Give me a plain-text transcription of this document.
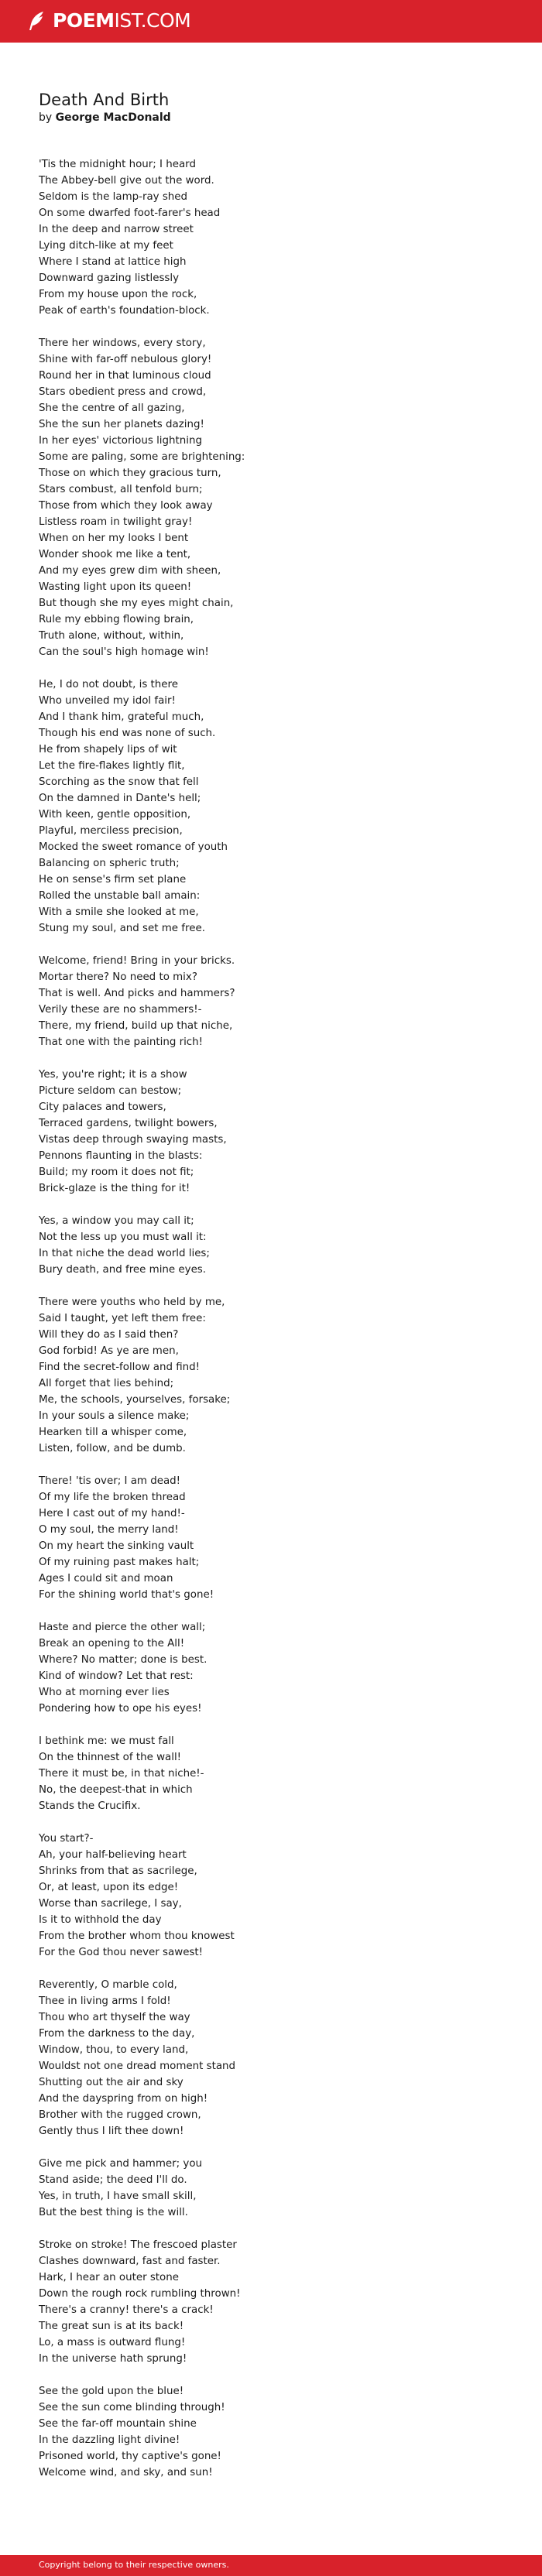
POEMIST.COM
Death And Birth
by George MacDonald
'Tis the midnight hour; I heard
The Abbey-bell give out the word.
Seldom is the lamp-ray shed
On some dwarfed foot-farer's head
In the deep and narrow street
Lying ditch-like at my feet
Where I stand at lattice high
Downward gazing listlessly
From my house upon the rock,
Peak of earth's foundation-block.
There her windows, every story,
Shine with far-off nebulous glory!
Round her in that luminous cloud
Stars obedient press and crowd,
She the centre of all gazing,
She the sun her planets dazing!
In her eyes' victorious lightning
Some are paling, some are brightening:
Those on which they gracious turn,
Stars combust, all tenfold burn;
Those from which they look away
Listless roam in twilight gray!
When on her my looks I bent
Wonder shook me like a tent,
And my eyes grew dim with sheen,
Wasting light upon its queen!
But though she my eyes might chain,
Rule my ebbing flowing brain,
Truth alone, without, within,
Can the soul's high homage win!
He, I do not doubt, is there
Who unveiled my idol fair!
And I thank him, grateful much,
Though his end was none of such.
He from shapely lips of wit
Let the fire-flakes lightly flit,
Scorching as the snow that fell
On the damned in Dante's hell;
With keen, gentle opposition,
Playful, merciless precision,
Mocked the sweet romance of youth
Balancing on spheric truth;
He on sense's firm set plane
Rolled the unstable ball amain:
With a smile she looked at me,
Stung my soul, and set me free.
Welcome, friend! Bring in your bricks.
Mortar there? No need to mix?
That is well. And picks and hammers?
Verily these are no shammers!-
There, my friend, build up that niche,
That one with the painting rich!
Yes, you're right; it is a show
Picture seldom can bestow;
City palaces and towers,
Terraced gardens, twilight bowers,
Vistas deep through swaying masts,
Pennons flaunting in the blasts:
Build; my room it does not fit;
Brick-glaze is the thing for it!
Yes, a window you may call it;
Not the less up you must wall it:
In that niche the dead world lies;
Bury death, and free mine eyes.
There were youths who held by me,
Said I taught, yet left them free:
Will they do as I said then?
God forbid! As ye are men,
Find the secret-follow and find!
All forget that lies behind;
Me, the schools, yourselves, forsake;
In your souls a silence make;
Hearken till a whisper come,
Listen, follow, and be dumb.
There! 'tis over; I am dead!
Of my life the broken thread
Here I cast out of my hand!-
O my soul, the merry land!
On my heart the sinking vault
Of my ruining past makes halt;
Ages I could sit and moan
For the shining world that's gone!
Haste and pierce the other wall;
Break an opening to the All!
Where? No matter; done is best.
Kind of window? Let that rest:
Who at morning ever lies
Pondering how to ope his eyes!
I bethink me: we must fall
On the thinnest of the wall!
There it must be, in that niche!-
No, the deepest-that in which
Stands the Crucifix.
You start?-
Ah, your half-believing heart
Shrinks from that as sacrilege,
Or, at least, upon its edge!
Worse than sacrilege, I say,
Is it to withhold the day
From the brother whom thou knowest
For the God thou never sawest!
Reverently, O marble cold,
Thee in living arms I fold!
Thou who art thyself the way
From the darkness to the day,
Window, thou, to every land,
Wouldst not one dread moment stand
Shutting out the air and sky
And the dayspring from on high!
Brother with the rugged crown,
Gently thus I lift thee down!
Give me pick and hammer; you
Stand aside; the deed I'll do.
Yes, in truth, I have small skill,
But the best thing is the will.
Stroke on stroke! The frescoed plaster
Clashes downward, fast and faster.
Hark, I hear an outer stone
Down the rough rock rumbling thrown!
There's a cranny! there's a crack!
The great sun is at its back!
Lo, a mass is outward flung!
In the universe hath sprung!
See the gold upon the blue!
See the sun come blinding through!
See the far-off mountain shine
In the dazzling light divine!
Prisoned world, thy captive's gone!
Welcome wind, and sky, and sun!
Copyright belong to their respective owners.
